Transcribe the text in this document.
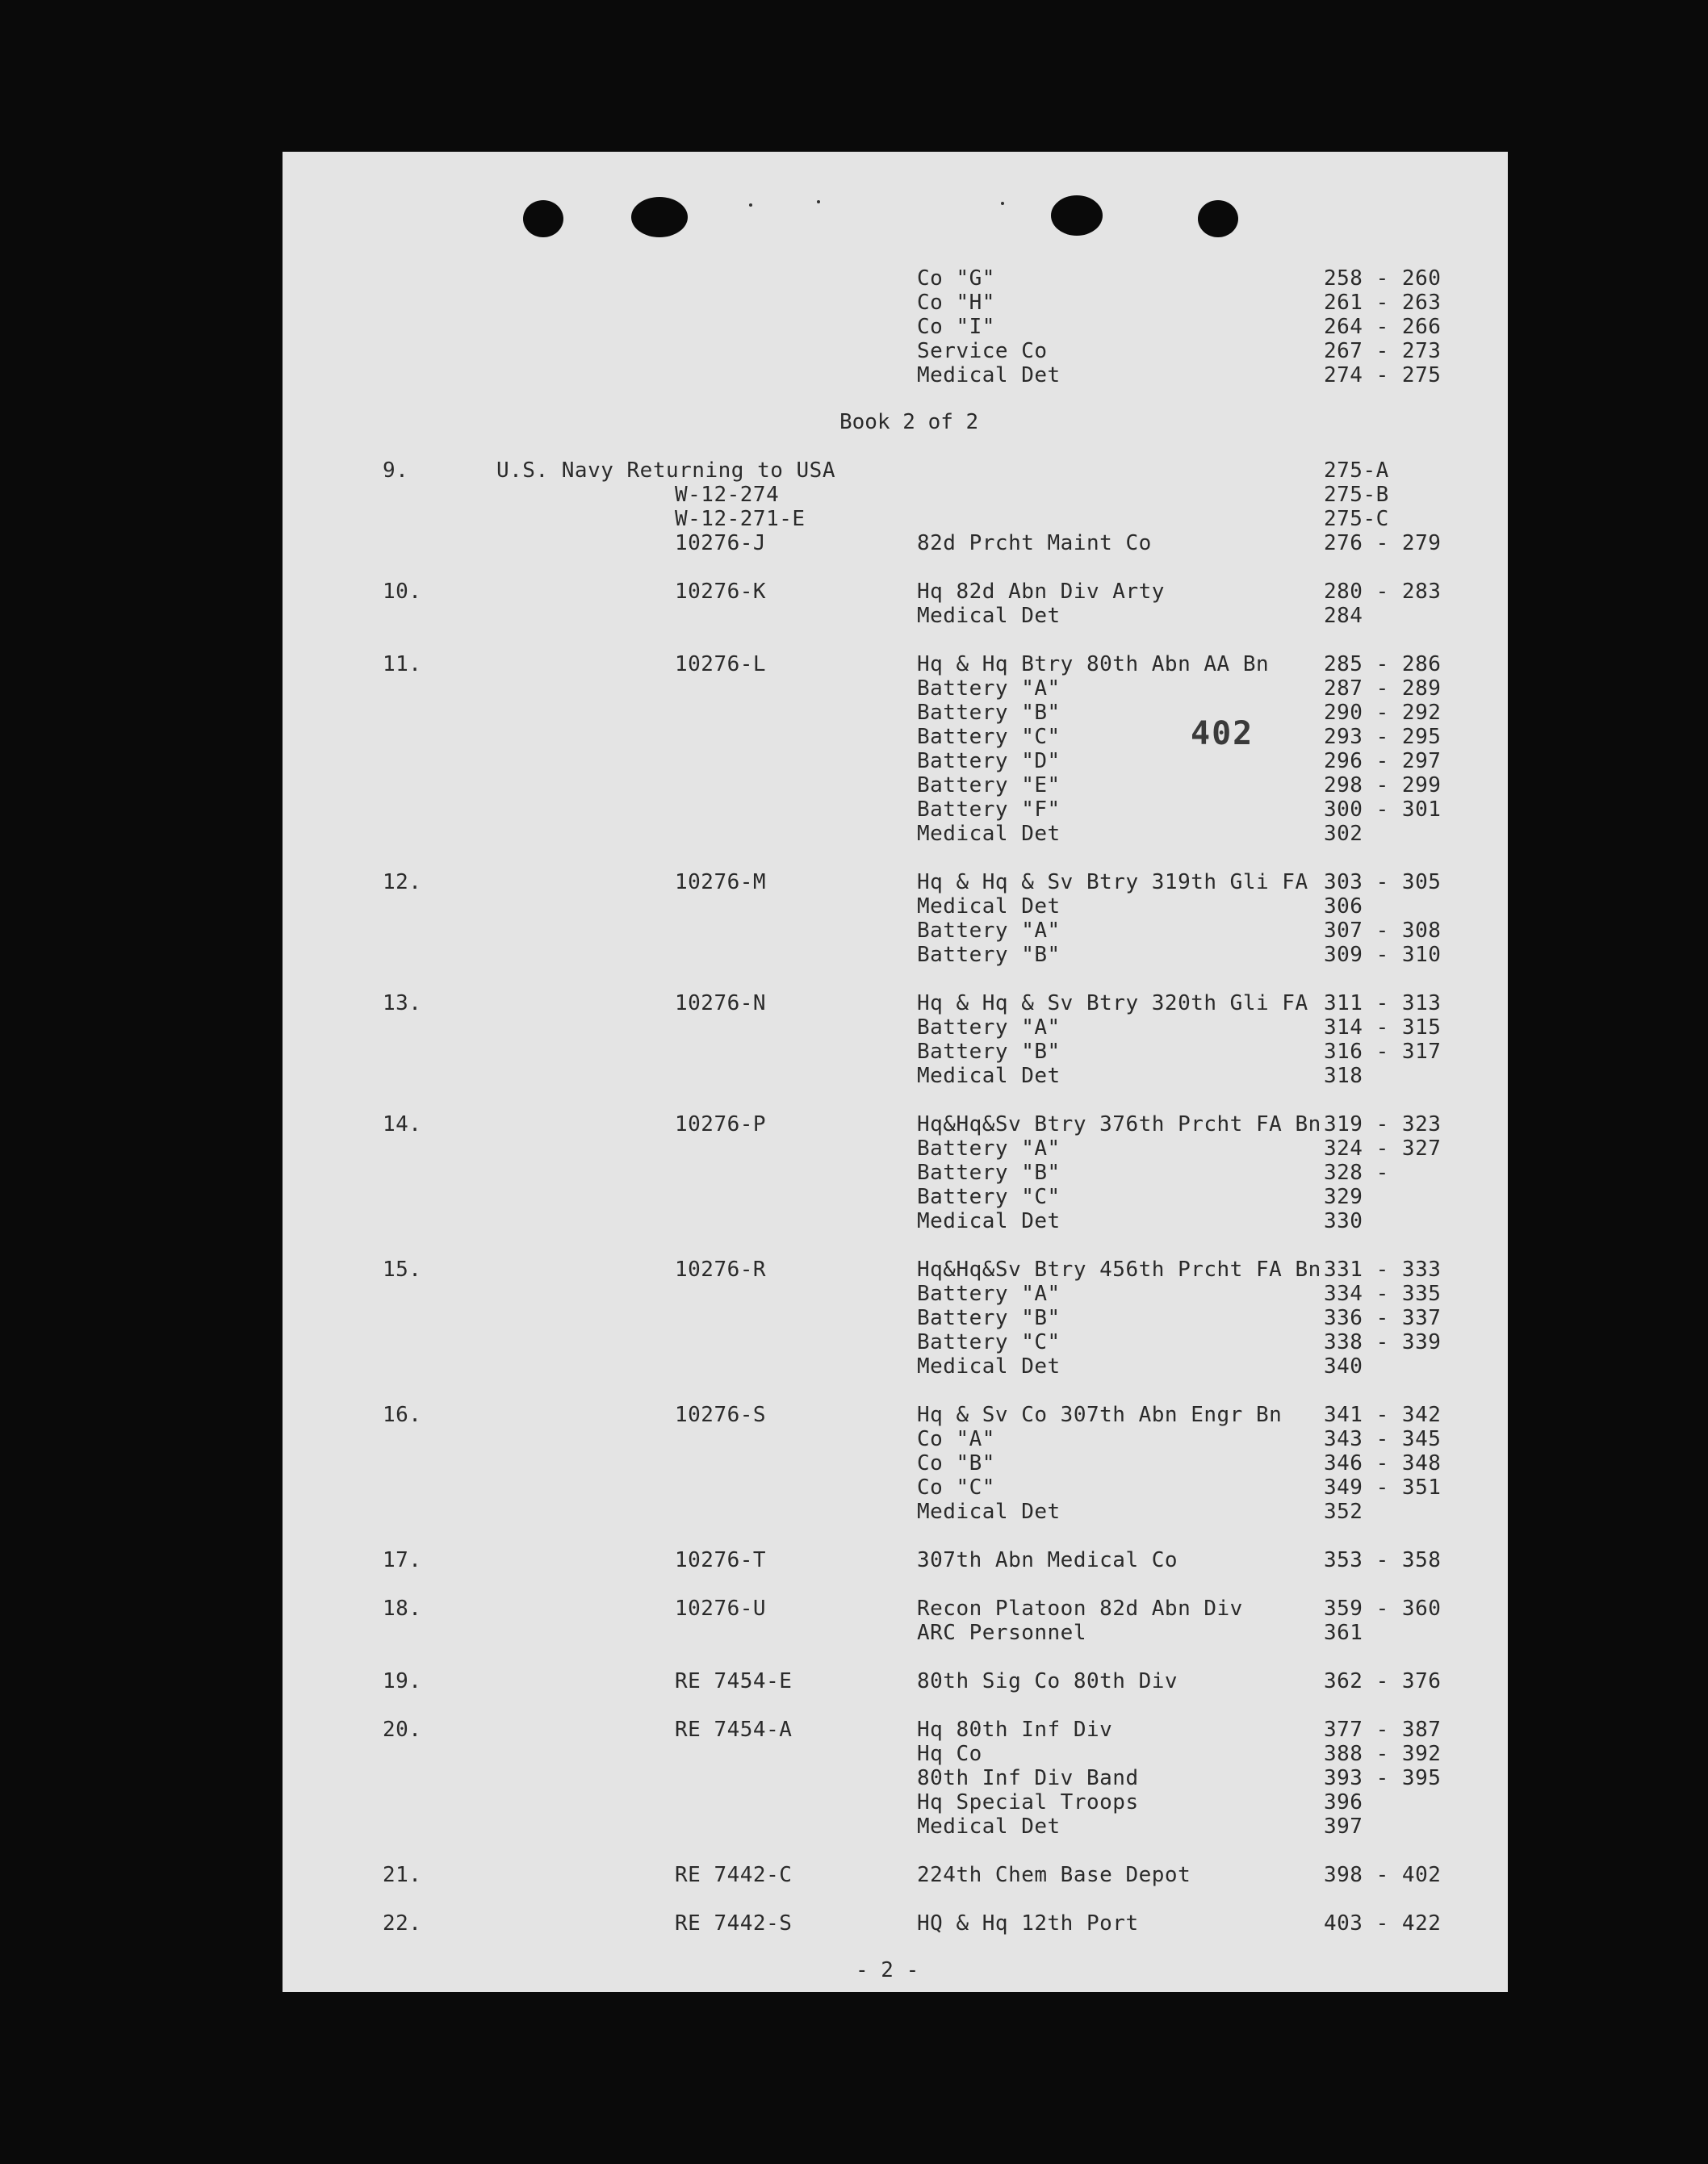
Co "G"	258 - 260
Co "H"	261 - 263
Co "I"	264 - 266
Service Co	267 - 273
Medical Det	274 - 275
Book 2 of 2
9.	U.S. Navy Returning to USA	275-A
W-12-274	275-B
W-12-271-E	275-C
10276-J	82d Prcht Maint Co	276 - 279
10.	10276-K	Hq 82d Abn Div Arty	280 - 283
Medical Det	284
11.	10276-L	Hq & Hq Btry 80th Abn AA Bn	285 - 286
Battery "A"	287 - 289
Battery "B"	290 - 292
Battery "C"	293 - 295
Battery "D"	296 - 297
Battery "E"	298 - 299
Battery "F"	300 - 301
Medical Det	302
12.	10276-M	Hq & Hq & Sv Btry 319th Gli FA 303 - 305
Medical Det	306
Battery "A"	307 - 308
Battery "B"	309 - 310
13.	10276-N	Hq & Hq & Sv Btry 320th Gli FA 311 - 313
Battery "A"	314 - 315
Battery "B"	316 - 317
Medical Det	318
14.	10276-P	Hq&Hq&Sv Btry 376th Prcht FA Bn 319 - 323
Battery "A"	324 - 327
Battery "B"	328 -
Battery "C"	329
Medical Det	330
15.	10276-R	Hq&Hq&Sv Btry 456th Prcht FA Bn 331 - 333
Battery "A"	334 - 335
Battery "B"	336 - 337
Battery "C"	338 - 339
Medical Det	340
16.	10276-S	Hq & Sv Co 307th Abn Engr Bn 341 - 342
Co "A"	343 - 345
Co "B"	346 - 348
Co "C"	349 - 351
Medical Det	352
17.	10276-T	307th Abn Medical Co	353 - 358
18.	10276-U	Recon Platoon 82d Abn Div	359 - 360
ARC Personnel	361
19.	RE 7454-E	80th Sig Co 80th Div	362 - 376
20.	RE 7454-A	Hq 80th Inf Div	377 - 387
Hq Co	388 - 392
80th Inf Div Band	393 - 395
Hq Special Troops	396
Medical Det	397
21.	RE 7442-C	224th Chem Base Depot	398 - 402
22.	RE 7442-S	HQ & Hq 12th Port	403 - 422
402
- 2 -
